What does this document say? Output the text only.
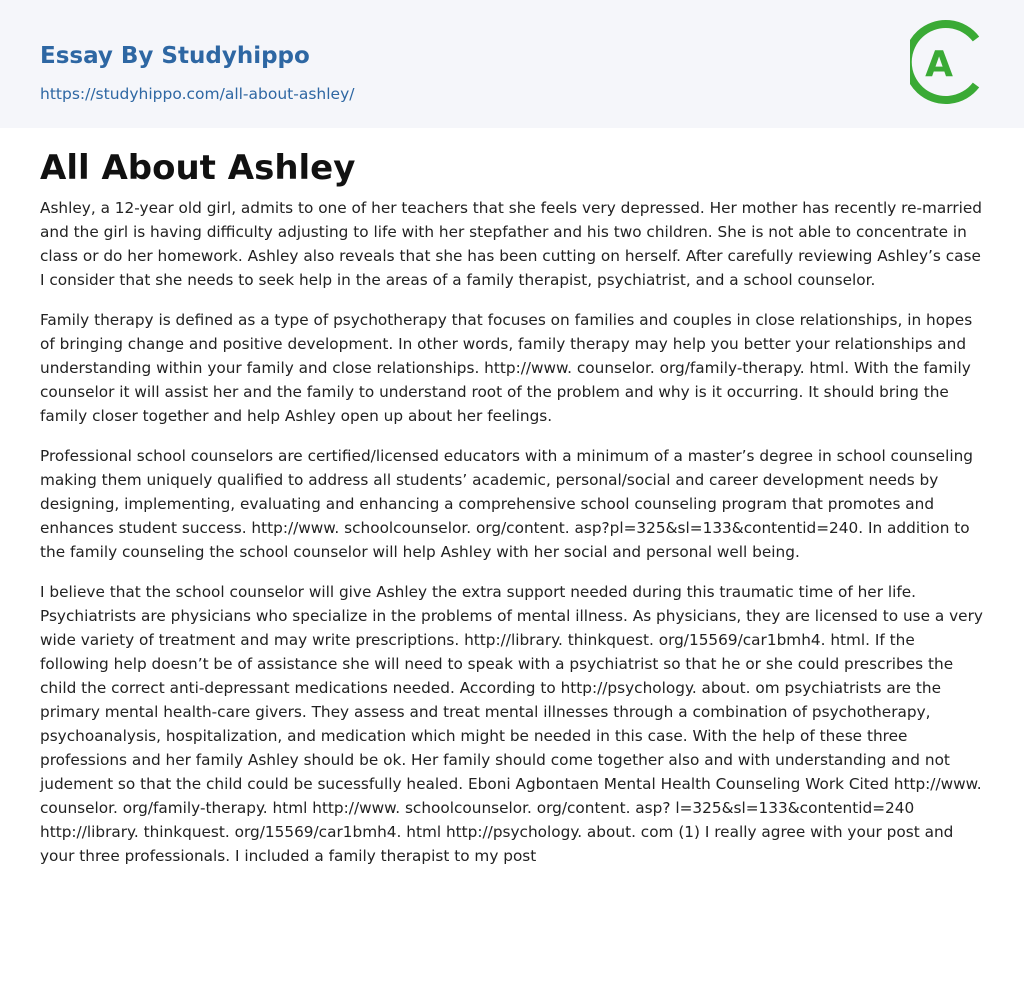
Essay By Studyhippo
https://studyhippo.com/all-about-ashley/
A
All About Ashley

Ashley, a 12-year old girl, admits to one of her teachers that she feels very depressed. Her mother has recently re-married and the girl is having difficulty adjusting to life with her stepfather and his two children. She is not able to concentrate in class or do her homework. Ashley also reveals that she has been cutting on herself. After carefully reviewing Ashley’s case I consider that she needs to seek help in the areas of a family therapist, psychiatrist, and a school counselor.

Family therapy is defined as a type of psychotherapy that focuses on families and couples in close relationships, in hopes of bringing change and positive development. In other words, family therapy may help you better your relationships and understanding within your family and close relationships. http://www. counselor. org/family-therapy. html. With the family counselor it will assist her and the family to understand root of the problem and why is it occurring. It should bring the family closer together and help Ashley open up about her feelings.

Professional school counselors are certified/licensed educators with a minimum of a master’s degree in school counseling making them uniquely qualified to address all students’ academic, personal/social and career development needs by designing, implementing, evaluating and enhancing a comprehensive school counseling program that promotes and enhances student success. http://www. schoolcounselor. org/content. asp?pl=325&sl=133&contentid=240. In addition to the family counseling the school counselor will help Ashley with her social and personal well being.

I believe that the school counselor will give Ashley the extra support needed during this traumatic time of her life. Psychiatrists are physicians who specialize in the problems of mental illness. As physicians, they are licensed to use a very wide variety of treatment and may write prescriptions. http://library. thinkquest. org/15569/car1bmh4. html. If the following help doesn’t be of assistance she will need to speak with a psychiatrist so that he or she could prescribes the child the correct anti-depressant medications needed. According to http://psychology. about. om psychiatrists are the primary mental health-care givers. They assess and treat mental illnesses through a combination of psychotherapy, psychoanalysis, hospitalization, and medication which might be needed in this case. With the help of these three professions and her family Ashley should be ok. Her family should come together also and with understanding and not judement so that the child could be sucessfully healed. Eboni Agbontaen Mental Health Counseling Work Cited http://www. counselor. org/family-therapy. html http://www. schoolcounselor. org/content. asp? l=325&sl=133&contentid=240 http://library. thinkquest. org/15569/car1bmh4. html http://psychology. about. com (1) I really agree with your post and your three professionals. I included a family therapist to my post
